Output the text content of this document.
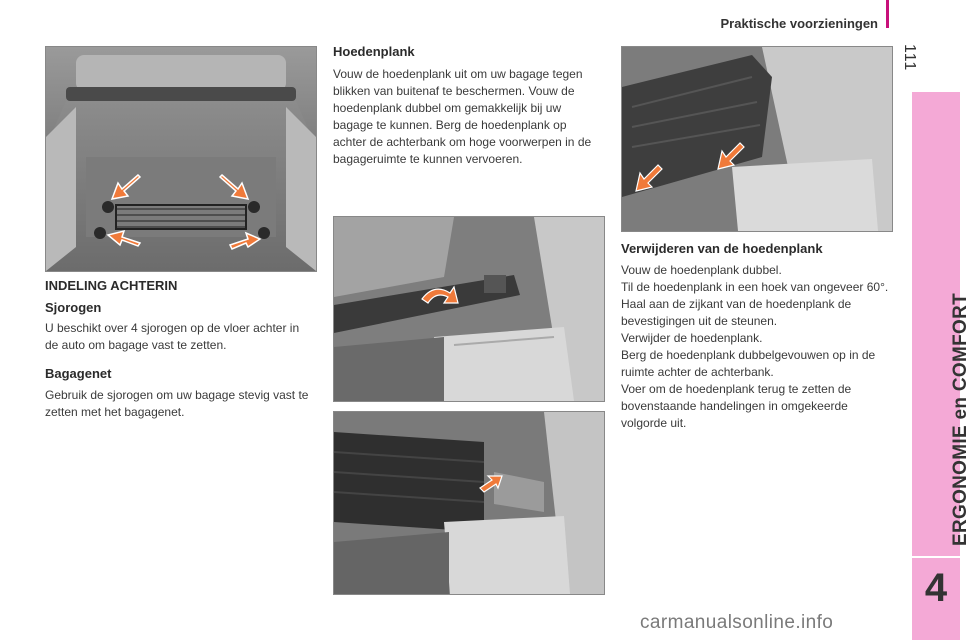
Praktische voorzieningen
111
ERGONOMIE en COMFORT
4
INDELING ACHTERIN
Sjorogen
U beschikt over 4 sjorogen op de vloer achter in de auto om bagage vast te zetten.
Bagagenet
Gebruik de sjorogen om uw bagage stevig vast te zetten met het bagagenet.
Hoedenplank
Vouw de hoedenplank uit om uw bagage tegen blikken van buitenaf te beschermen. Vouw de hoedenplank dubbel om gemakkelijk bij uw bagage te kunnen. Berg de hoedenplank op achter de achterbank om hoge voorwerpen in de bagageruimte te kunnen vervoeren.
Verwijderen van de hoedenplank
Vouw de hoedenplank dubbel.
Til de hoedenplank in een hoek van ongeveer 60°.
Haal aan de zijkant van de hoedenplank de bevestigingen uit de steunen.
Verwijder de hoedenplank.
Berg de hoedenplank dubbelgevouwen op in de ruimte achter de achterbank.
Voer om de hoedenplank terug te zetten de bovenstaande handelingen in omgekeerde volgorde uit.
carmanualsonline.info
